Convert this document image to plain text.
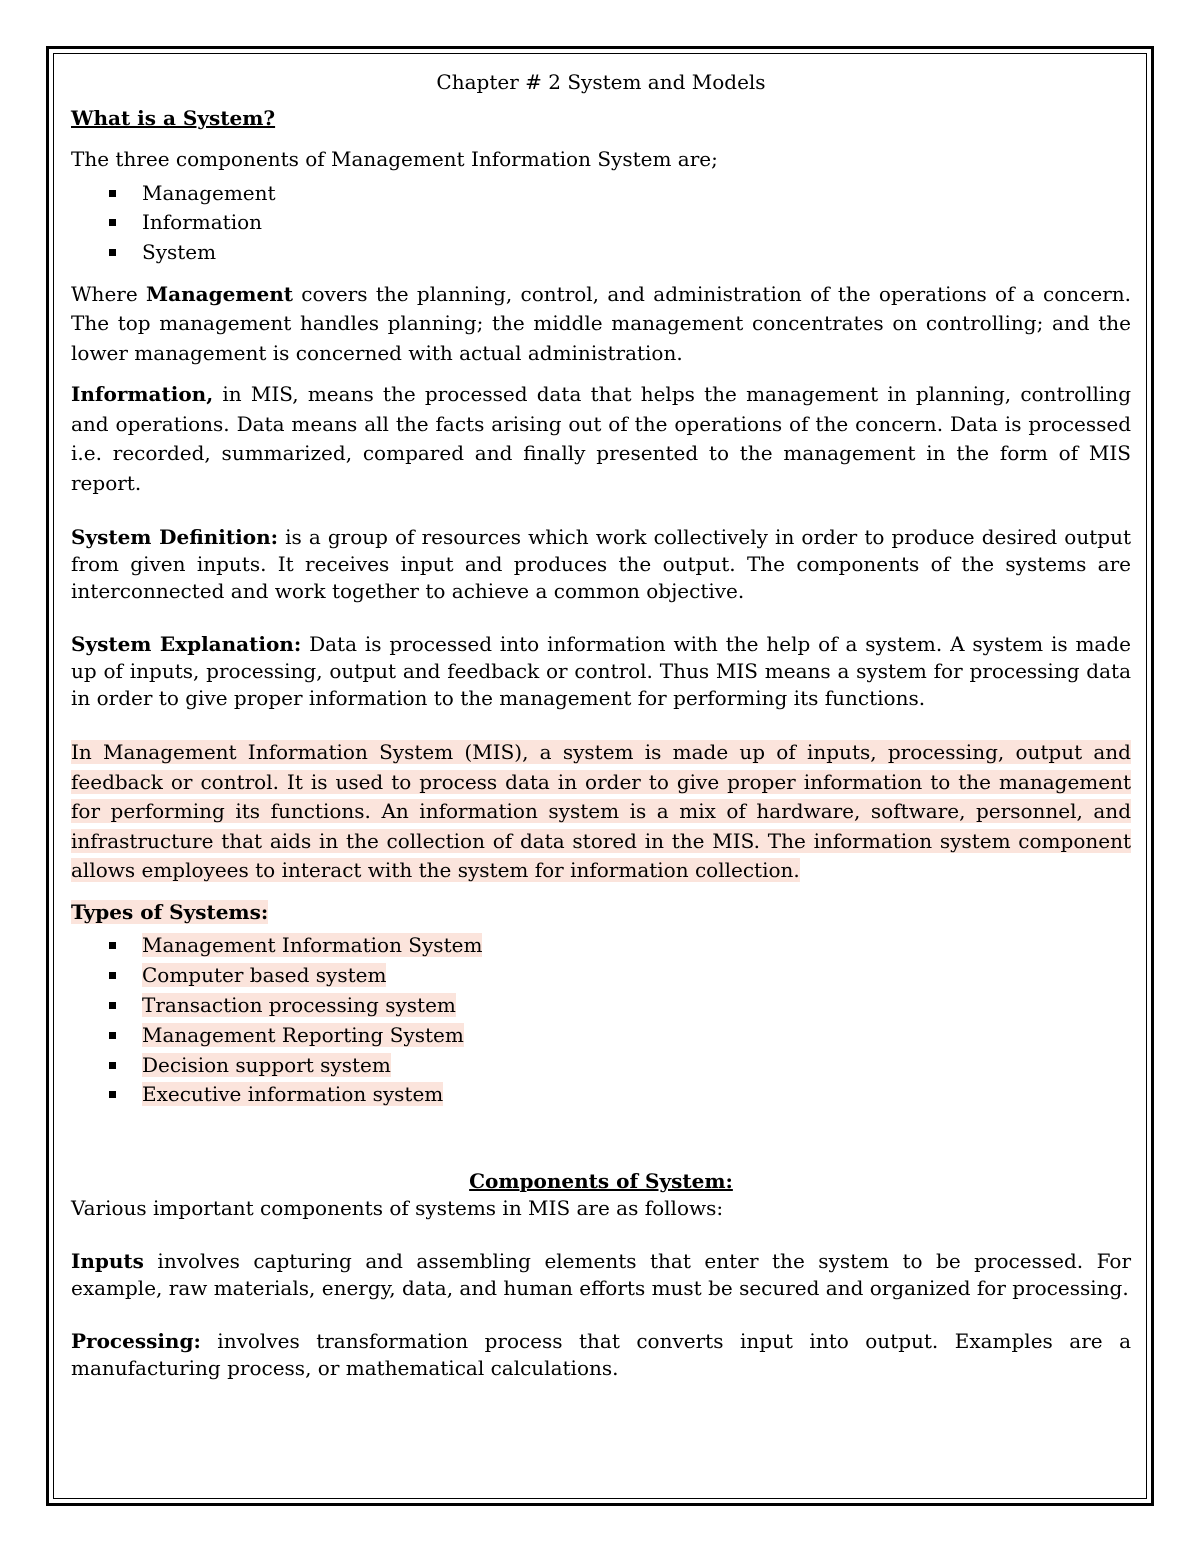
Chapter # 2 System and Models

What is a System?

The three components of Management Information System are;

Management
Information
System

Where Management covers the planning, control, and administration of the operations of a concern. The top management handles planning; the middle management concentrates on controlling; and the lower management is concerned with actual administration.

Information, in MIS, means the processed data that helps the management in planning, controlling and operations. Data means all the facts arising out of the operations of the concern. Data is processed i.e. recorded, summarized, compared and finally presented to the management in the form of MIS report.

System Definition: is a group of resources which work collectively in order to produce desired output from given inputs. It receives input and produces the output. The components of the systems are interconnected and work together to achieve a common objective.

System Explanation: Data is processed into information with the help of a system. A system is made up of inputs, processing, output and feedback or control. Thus MIS means a system for processing data in order to give proper information to the management for performing its functions.

In Management Information System (MIS), a system is made up of inputs, processing, output and feedback or control. It is used to process data in order to give proper information to the management for performing its functions. An information system is a mix of hardware, software, personnel, and infrastructure that aids in the collection of data stored in the MIS. The information system component allows employees to interact with the system for information collection.

Types of Systems:

Management Information System
Computer based system
Transaction processing system
Management Reporting System
Decision support system
Executive information system

Components of System:

Various important components of systems in MIS are as follows:

Inputs involves capturing and assembling elements that enter the system to be processed. For example, raw materials, energy, data, and human efforts must be secured and organized for processing.

Processing: involves transformation process that converts input into output. Examples are a manufacturing process, or mathematical calculations.
